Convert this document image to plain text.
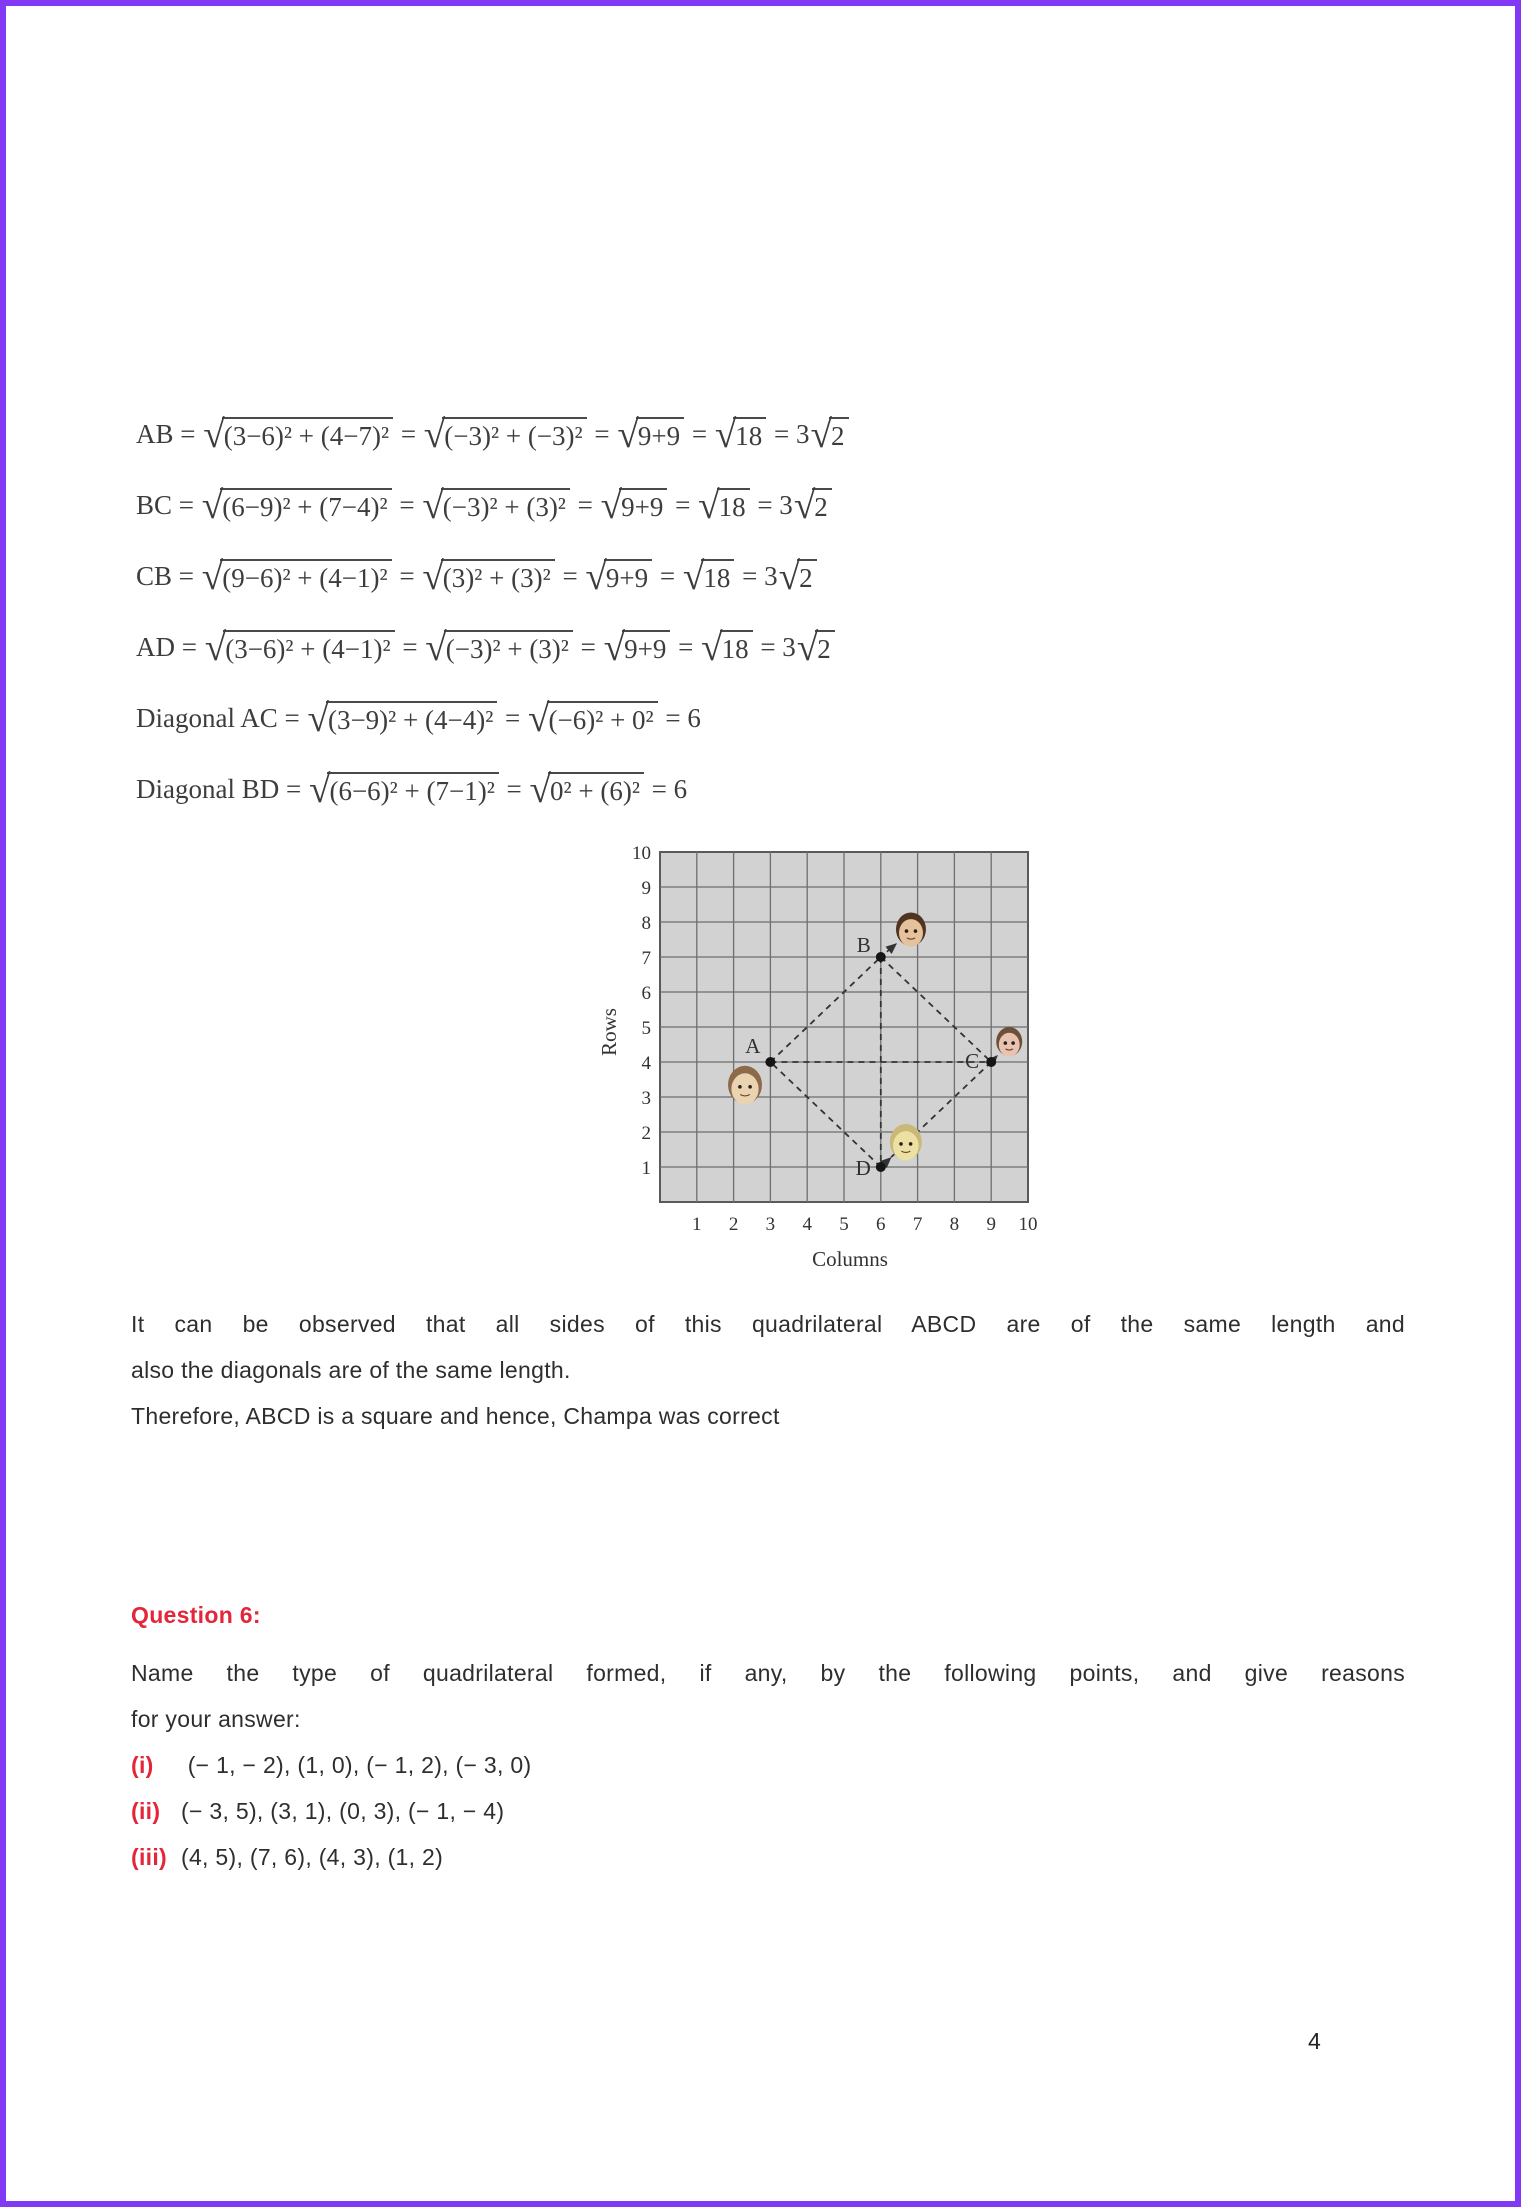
AB = √ (3−6)² + (4−7)² = √ (−3)² + (−3)² = √ 9+9 = √ 18 = 3 √ 2
BC = √ (6−9)² + (7−4)² = √ (−3)² + (3)² = √ 9+9 = √ 18 = 3 √ 2
CB = √ (9−6)² + (4−1)² = √ (3)² + (3)² = √ 9+9 = √ 18 = 3 √ 2
AD = √ (3−6)² + (4−1)² = √ (−3)² + (3)² = √ 9+9 = √ 18 = 3 √ 2
Diagonal AC = √ (3−9)² + (4−4)² = √ (−6)² + 0² = 6
Diagonal BD = √ (6−6)² + (7−1)² = √ 0² + (6)² = 6
1
2
3
4
5
6
7
8
9
10
1 2 3 4 5 6 7 8 9 10
Rows
Columns
A
B
C
D
It can be observed that all sides of this quadrilateral ABCD are of the same length and
also the diagonals are of the same length.
Therefore, ABCD is a square and hence, Champa was correct

Question 6:

Name the type of quadrilateral formed, if any, by the following points, and give reasons
for your answer:
(i) (− 1, − 2), (1, 0), (− 1, 2), (− 3, 0)
(ii) (− 3, 5), (3, 1), (0, 3), (− 1, − 4)
(iii) (4, 5), (7, 6), (4, 3), (1, 2)
4
